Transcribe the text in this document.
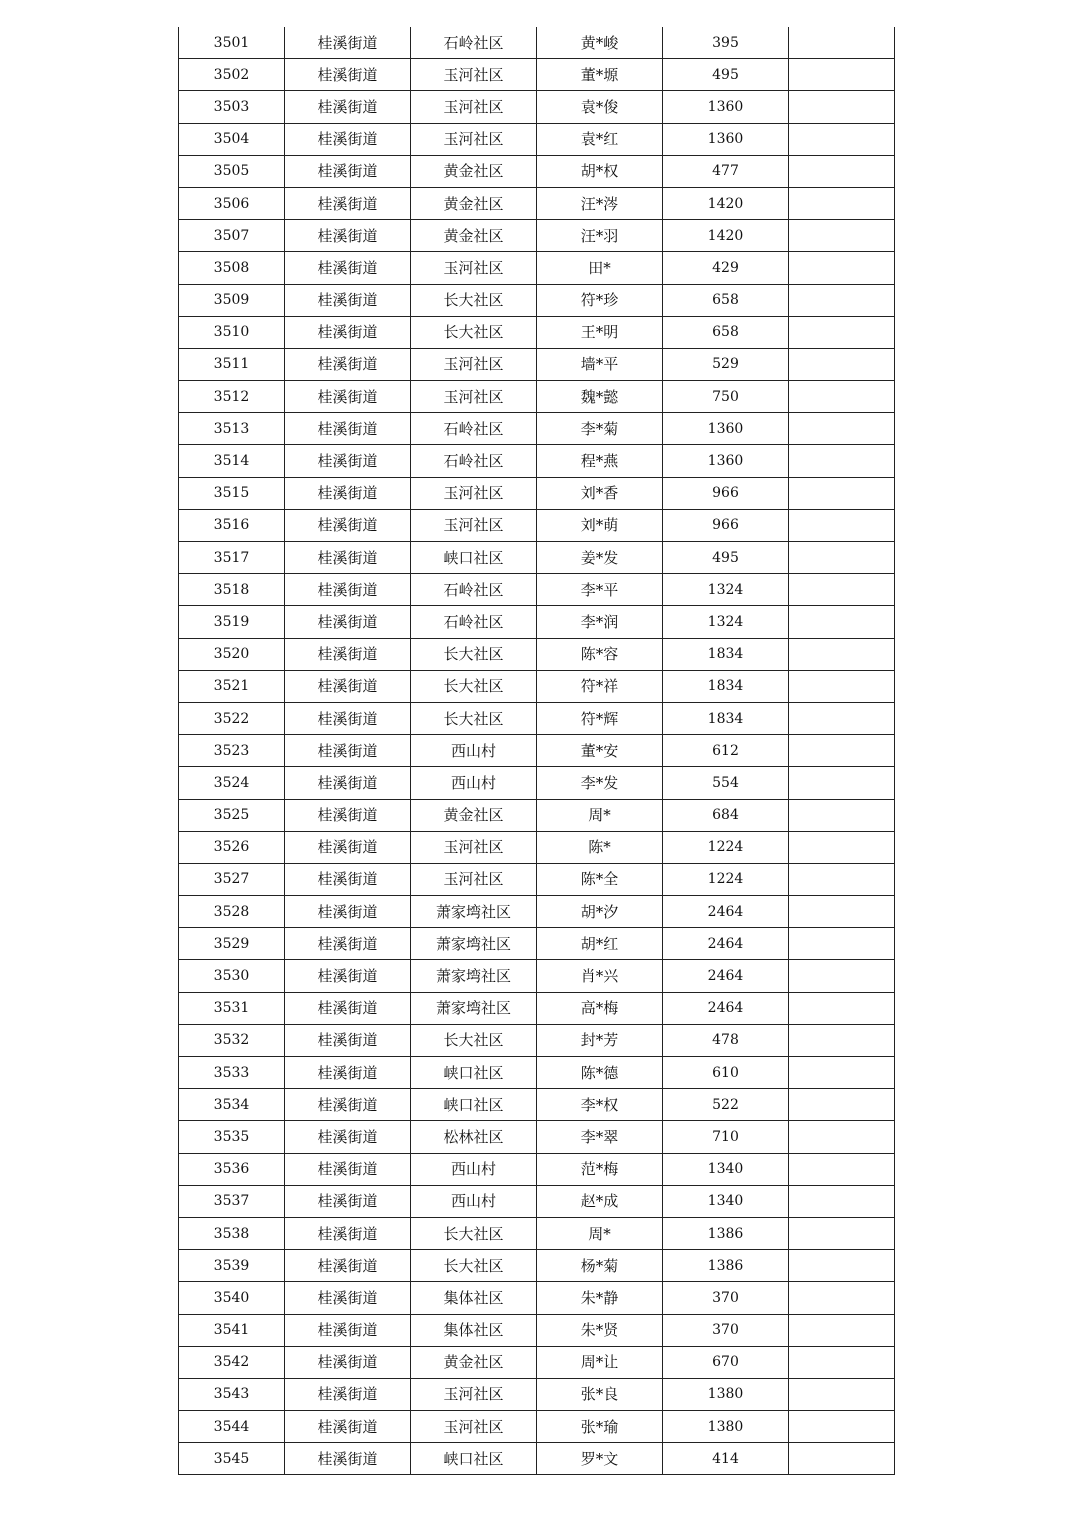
3501	桂溪街道	石岭社区	黄*峻	395	
3502	桂溪街道	玉河社区	董*塬	495	
3503	桂溪街道	玉河社区	袁*俊	1360	
3504	桂溪街道	玉河社区	袁*红	1360	
3505	桂溪街道	黄金社区	胡*权	477	
3506	桂溪街道	黄金社区	汪*涔	1420	
3507	桂溪街道	黄金社区	汪*羽	1420	
3508	桂溪街道	玉河社区	田*	429	
3509	桂溪街道	长大社区	符*珍	658	
3510	桂溪街道	长大社区	王*明	658	
3511	桂溪街道	玉河社区	墙*平	529	
3512	桂溪街道	玉河社区	魏*懿	750	
3513	桂溪街道	石岭社区	李*菊	1360	
3514	桂溪街道	石岭社区	程*燕	1360	
3515	桂溪街道	玉河社区	刘*香	966	
3516	桂溪街道	玉河社区	刘*萌	966	
3517	桂溪街道	峡口社区	姜*发	495	
3518	桂溪街道	石岭社区	李*平	1324	
3519	桂溪街道	石岭社区	李*润	1324	
3520	桂溪街道	长大社区	陈*容	1834	
3521	桂溪街道	长大社区	符*祥	1834	
3522	桂溪街道	长大社区	符*辉	1834	
3523	桂溪街道	西山村	董*安	612	
3524	桂溪街道	西山村	李*发	554	
3525	桂溪街道	黄金社区	周*	684	
3526	桂溪街道	玉河社区	陈*	1224	
3527	桂溪街道	玉河社区	陈*全	1224	
3528	桂溪街道	萧家塆社区	胡*汐	2464	
3529	桂溪街道	萧家塆社区	胡*红	2464	
3530	桂溪街道	萧家塆社区	肖*兴	2464	
3531	桂溪街道	萧家塆社区	高*梅	2464	
3532	桂溪街道	长大社区	封*芳	478	
3533	桂溪街道	峡口社区	陈*德	610	
3534	桂溪街道	峡口社区	李*权	522	
3535	桂溪街道	松林社区	李*翠	710	
3536	桂溪街道	西山村	范*梅	1340	
3537	桂溪街道	西山村	赵*成	1340	
3538	桂溪街道	长大社区	周*	1386	
3539	桂溪街道	长大社区	杨*菊	1386	
3540	桂溪街道	集体社区	朱*静	370	
3541	桂溪街道	集体社区	朱*贤	370	
3542	桂溪街道	黄金社区	周*让	670	
3543	桂溪街道	玉河社区	张*良	1380	
3544	桂溪街道	玉河社区	张*瑜	1380	
3545	桂溪街道	峡口社区	罗*文	414	
